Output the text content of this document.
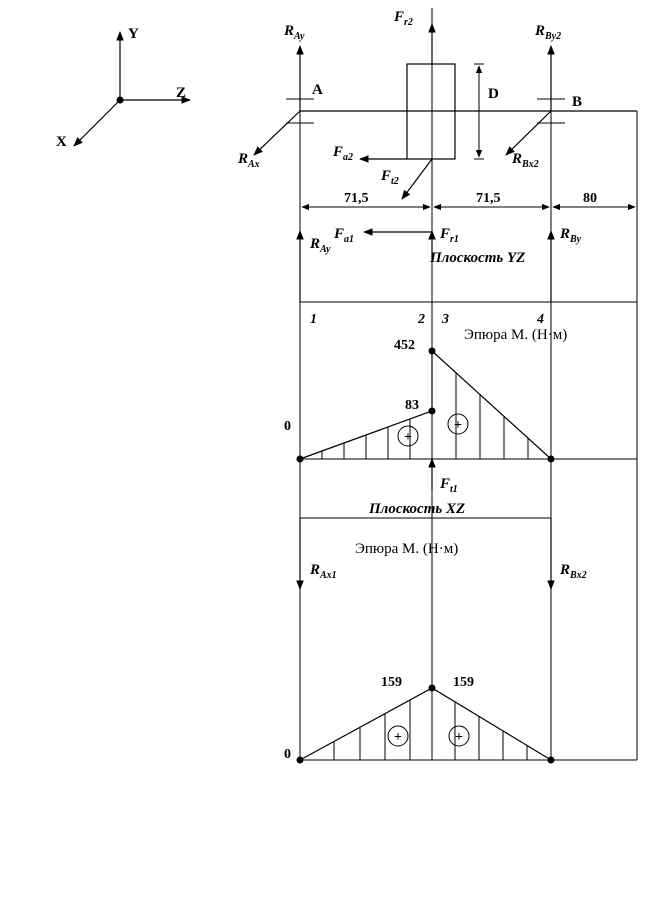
Y
Z
X
A
B
D
$R_{Ay}$
$F_{r2}$
$R_{By2}$
$R_{Ax}$
$F_{a2}$
$F_{t2}$
$R_{Bx2}$
71,5	71,5	80
$R_{Ay}$
$F_{a1}$	$F_{r1}$	$R_{By}$
Плоскость YZ
1	2 3	4
Эпюра M. (Н·м)
+
+
0
83
452
$F_{t1}$
Плоскость XZ
Эпюра M. (Н·м)
$R_{Ax1}$	$R_{Bx2}$
+	+
0
159	159
